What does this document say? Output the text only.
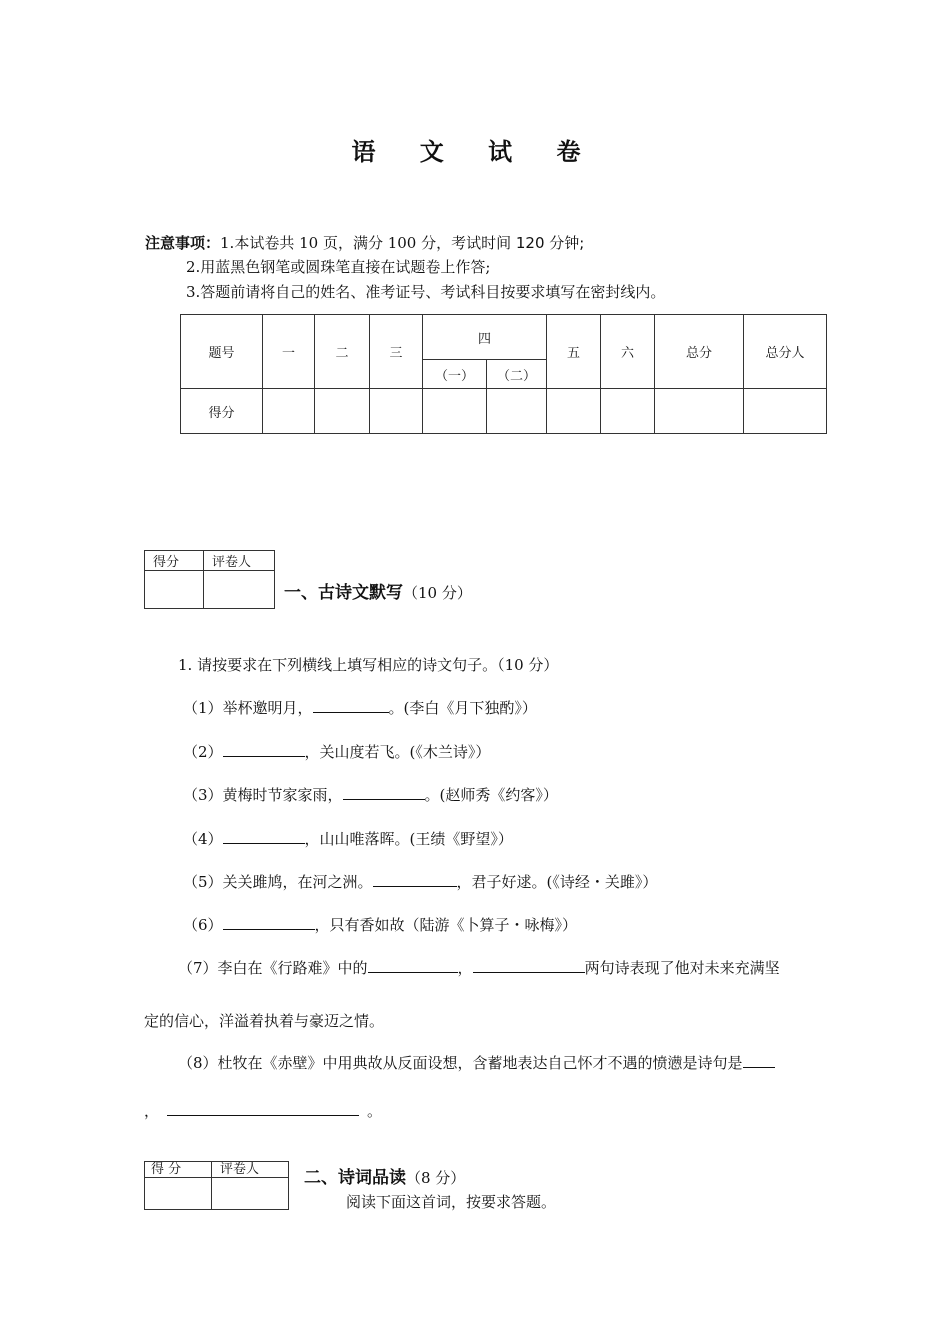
语 文 试 卷
注意事项：1.本试卷共 10 页，满分 100 分，考试时间 120 分钟;
2.用蓝黑色钢笔或圆珠笔直接在试题卷上作答;
3.答题前请将自己的姓名、准考证号、考试科目按要求填写在密封线内。
题号	一	二	三	四		五	六	总分	总分人
				（一）	（二）				
得分									
得分	评卷人

一、古诗文默写（10 分）
1. 请按要求在下列横线上填写相应的诗文句子。（10 分）
（1）举杯邀明月，	。(李白《月下独酌》）
（2）	，关山度若飞。(《木兰诗》）
（3）黄梅时节家家雨，	。(赵师秀《约客》）
（4）	，山山唯落晖。(王绩《野望》）
（5）关关雎鸠，在河之洲。	，君子好逑。(《诗经・关雎》）
（6）	，只有香如故（陆游《卜算子・咏梅》）
（7）李白在《行路难》中的	，	两句诗表现了他对未来充满坚
定的信心，洋溢着执着与豪迈之情。
（8）杜牧在《赤壁》中用典故从反面设想，含蓄地表达自己怀才不遇的愤懑是诗句是
，	。
得 分	评卷人
		二、诗词品读（8 分）
阅读下面这首词，按要求答题。
